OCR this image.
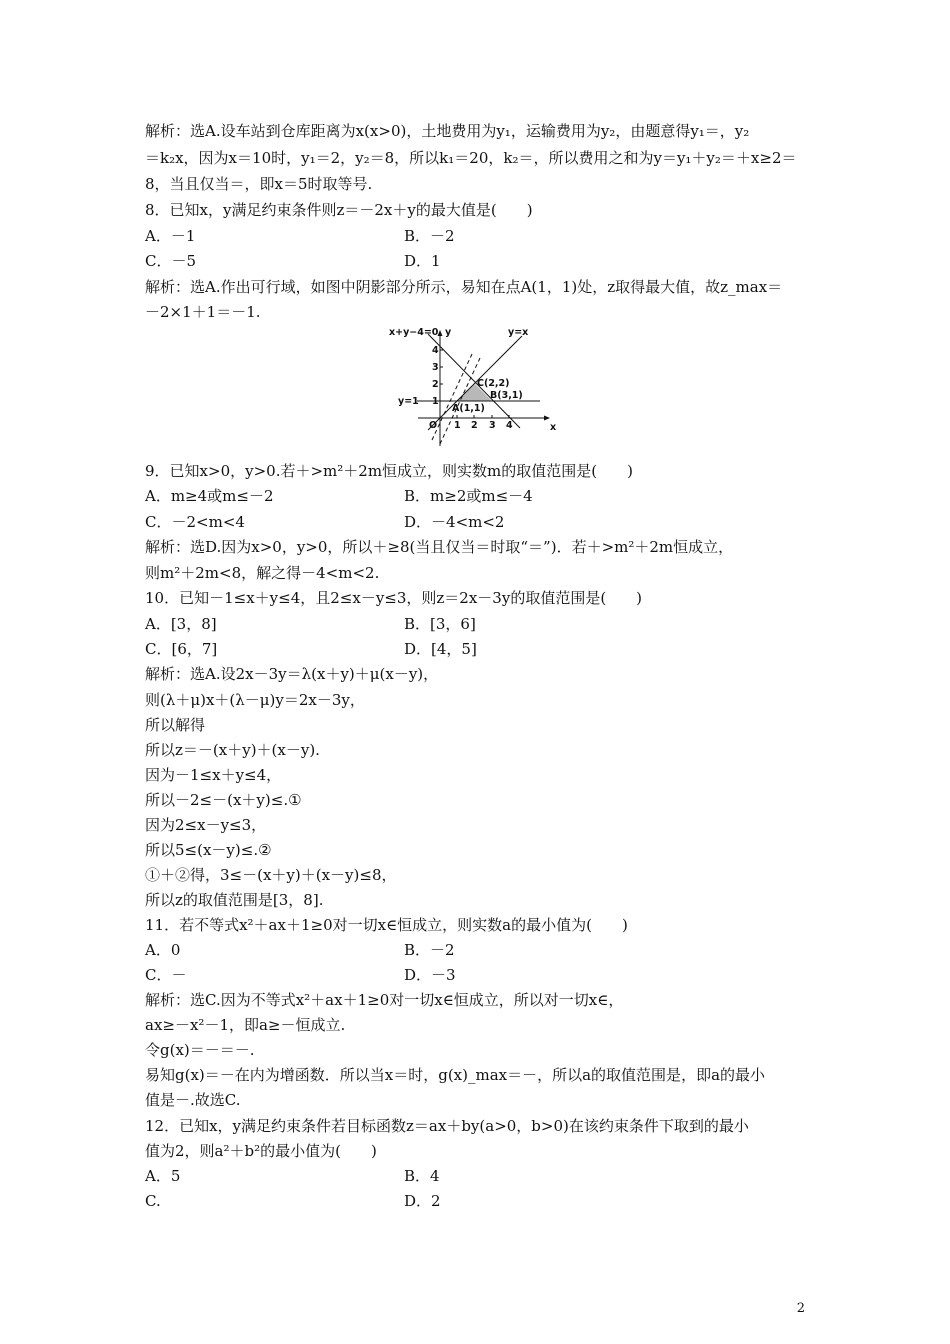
解析：选A.设车站到仓库距离为x(x>0)，土地费用为y₁，运输费用为y₂，由题意得y₁＝，y₂
＝k₂x，因为x＝10时，y₁＝2，y₂＝8，所以k₁＝20，k₂＝，所以费用之和为y＝y₁＋y₂＝＋x≥2＝
8，当且仅当＝，即x＝5时取等号.
8．已知x，y满足约束条件则z＝－2x＋y的最大值是(　　)
A．－1	B．－2
C．－5	D．1
解析：选A.作出可行域，如图中阴影部分所示，易知在点A(1，1)处，z取得最大值，故z_max＝
－2×1＋1＝－1.
x+y−4=0 y	y=x
4
3
2
1
y=1
C(2,2)
B(3,1)
A(1,1)
O 1 2 3 4	x
9．已知x>0，y>0.若＋>m²＋2m恒成立，则实数m的取值范围是(　　)
A．m≥4或m≤－2	B．m≥2或m≤－4
C．－2<m<4	D．－4<m<2
解析：选D.因为x>0，y>0，所以＋≥8(当且仅当＝时取“＝”)．若＋>m²＋2m恒成立，
则m²＋2m<8，解之得－4<m<2.
10．已知－1≤x＋y≤4，且2≤x－y≤3，则z＝2x－3y的取值范围是(　　)
A．[3，8]	B．[3，6]
C．[6，7]	D．[4，5]
解析：选A.设2x－3y＝λ(x＋y)＋μ(x－y)，
则(λ＋μ)x＋(λ－μ)y＝2x－3y，
所以解得
所以z＝－(x＋y)＋(x－y).
因为－1≤x＋y≤4，
所以－2≤－(x＋y)≤.①
因为2≤x－y≤3，
所以5≤(x－y)≤.②
①＋②得，3≤－(x＋y)＋(x－y)≤8，
所以z的取值范围是[3，8].
11．若不等式x²＋ax＋1≥0对一切x∈恒成立，则实数a的最小值为(　　)
A．0	B．－2
C．－	D．－3
解析：选C.因为不等式x²＋ax＋1≥0对一切x∈恒成立，所以对一切x∈，
ax≥－x²－1，即a≥－恒成立.
令g(x)＝－＝－.
易知g(x)＝－在内为增函数．所以当x＝时，g(x)_max＝－，所以a的取值范围是，即a的最小
值是－.故选C.
12．已知x，y满足约束条件若目标函数z＝ax＋by(a>0，b>0)在该约束条件下取到的最小
值为2，则a²＋b²的最小值为(　　)
A．5	B．4
C.	D．2
2
